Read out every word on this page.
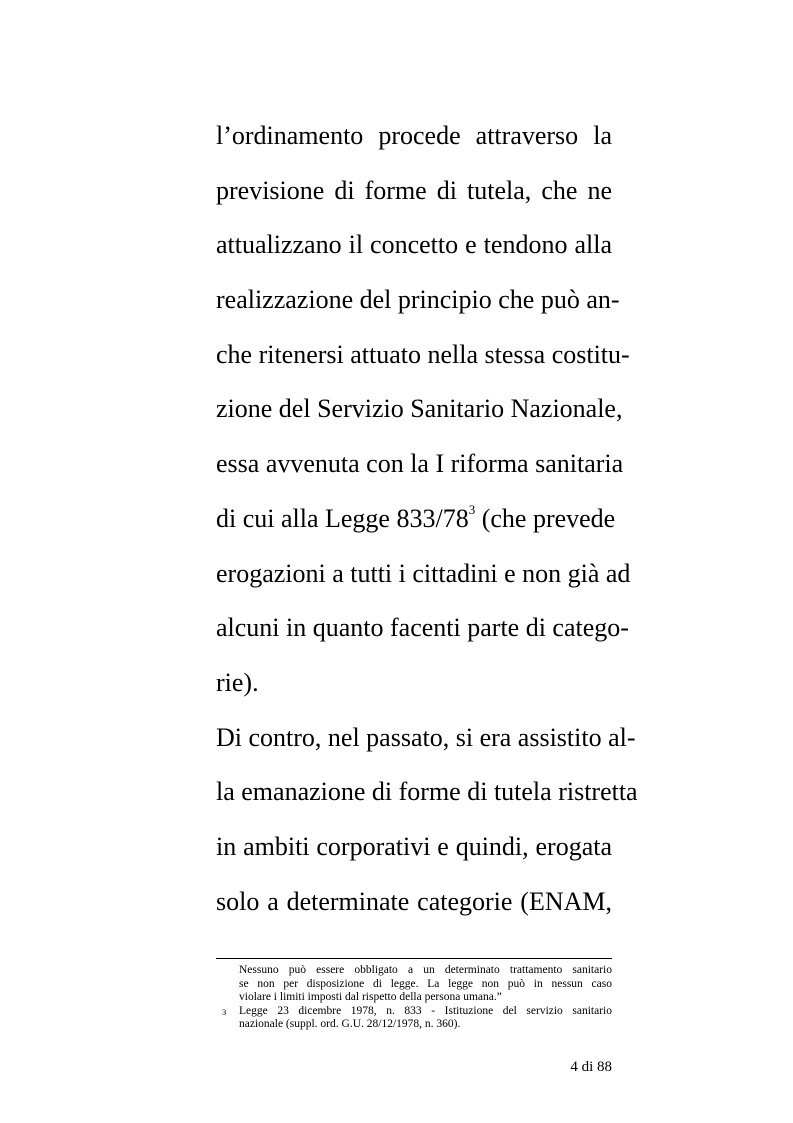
l’ordinamento procede attraverso la
previsione di forme di tutela, che ne
attualizzano il concetto e tendono alla
realizzazione del principio che può an-
che ritenersi attuato nella stessa costitu-
zione del Servizio Sanitario Nazionale,
essa avvenuta con la I riforma sanitaria
di cui alla Legge 833/78$^3$ (che prevede
erogazioni a tutti i cittadini e non già ad
alcuni in quanto facenti parte di catego-
rie).
Di contro, nel passato, si era assistito al-
la emanazione di forme di tutela ristretta
in ambiti corporativi e quindi, erogata
solo a determinate categorie (ENAM,
Nessuno può essere obbligato a un determinato trattamento sanitario
se non per disposizione di legge. La legge non può in nessun caso
violare i limiti imposti dal rispetto della persona umana.”
3	Legge 23 dicembre 1978, n. 833 - Istituzione del servizio sanitario
nazionale (suppl. ord. G.U. 28/12/1978, n. 360).
4 di 88
